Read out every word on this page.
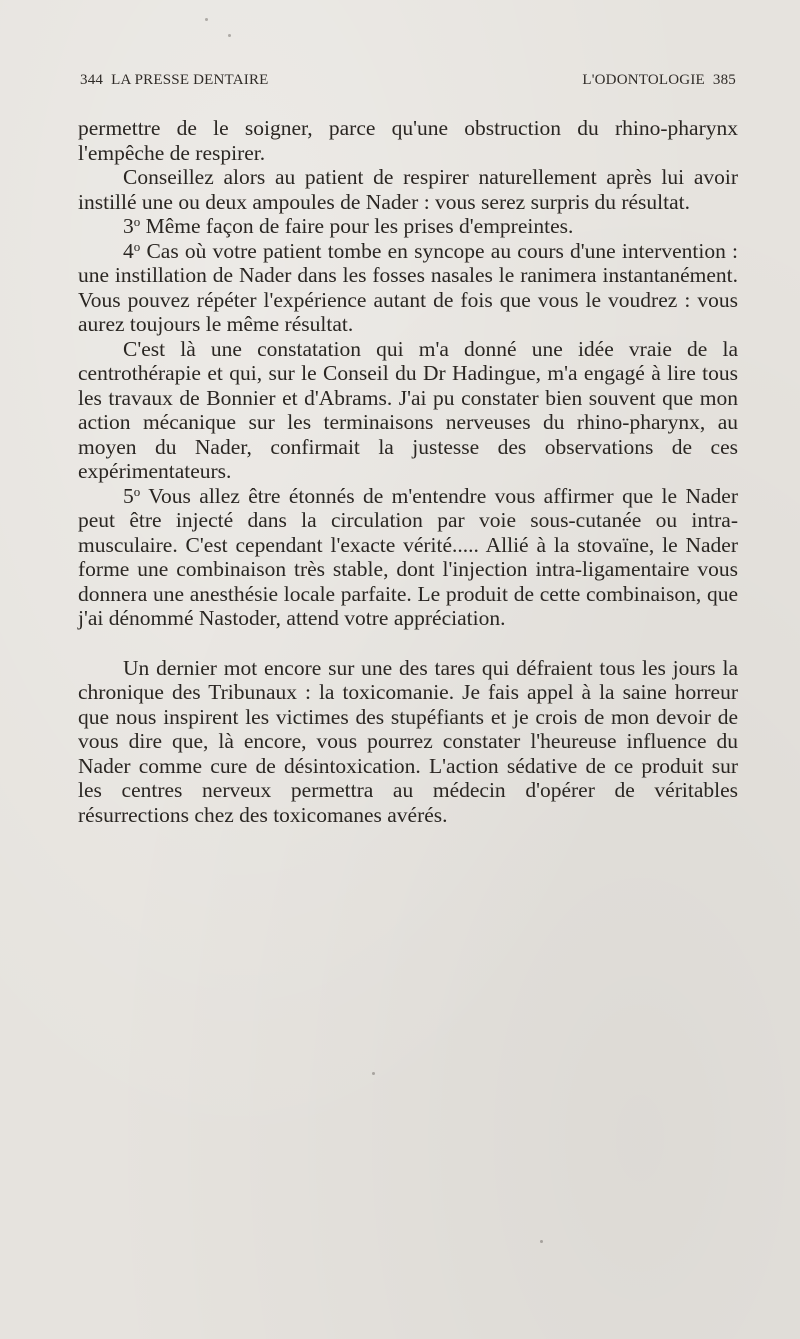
344 LA PRESSE DENTAIRE	L'ODONTOLOGIE 385

permettre de le soigner, parce qu'une obstruction du rhino-pharynx l'empêche de respirer.

Conseillez alors au patient de respirer naturellement après lui avoir instillé une ou deux ampoules de Nader : vous serez surpris du résultat.

3$^o$ Même façon de faire pour les prises d'empreintes.

4$^o$ Cas où votre patient tombe en syncope au cours d'une intervention : une instillation de Nader dans les fosses nasales le ranimera instantanément. Vous pouvez répéter l'expérience autant de fois que vous le voudrez : vous aurez toujours le même résultat.

C'est là une constatation qui m'a donné une idée vraie de la centrothérapie et qui, sur le Conseil du Dr Hadingue, m'a engagé à lire tous les travaux de Bonnier et d'Abrams. J'ai pu constater bien souvent que mon action mécanique sur les terminaisons nerveuses du rhino-pharynx, au moyen du Nader, confirmait la justesse des observations de ces expérimentateurs.

5$^o$ Vous allez être étonnés de m'entendre vous affirmer que le Nader peut être injecté dans la circulation par voie sous-cutanée ou intra-musculaire. C'est cependant l'exacte vérité..... Allié à la stovaïne, le Nader forme une combinaison très stable, dont l'injection intra-ligamentaire vous donnera une anesthésie locale parfaite. Le produit de cette combinaison, que j'ai dénommé Nastoder, attend votre appréciation.

Un dernier mot encore sur une des tares qui défraient tous les jours la chronique des Tribunaux : la toxicomanie. Je fais appel à la saine horreur que nous inspirent les victimes des stupéfiants et je crois de mon devoir de vous dire que, là encore, vous pourrez constater l'heureuse influence du Nader comme cure de désintoxication. L'action sédative de ce produit sur les centres nerveux permettra au médecin d'opérer de véritables résurrections chez des toxicomanes avérés.
